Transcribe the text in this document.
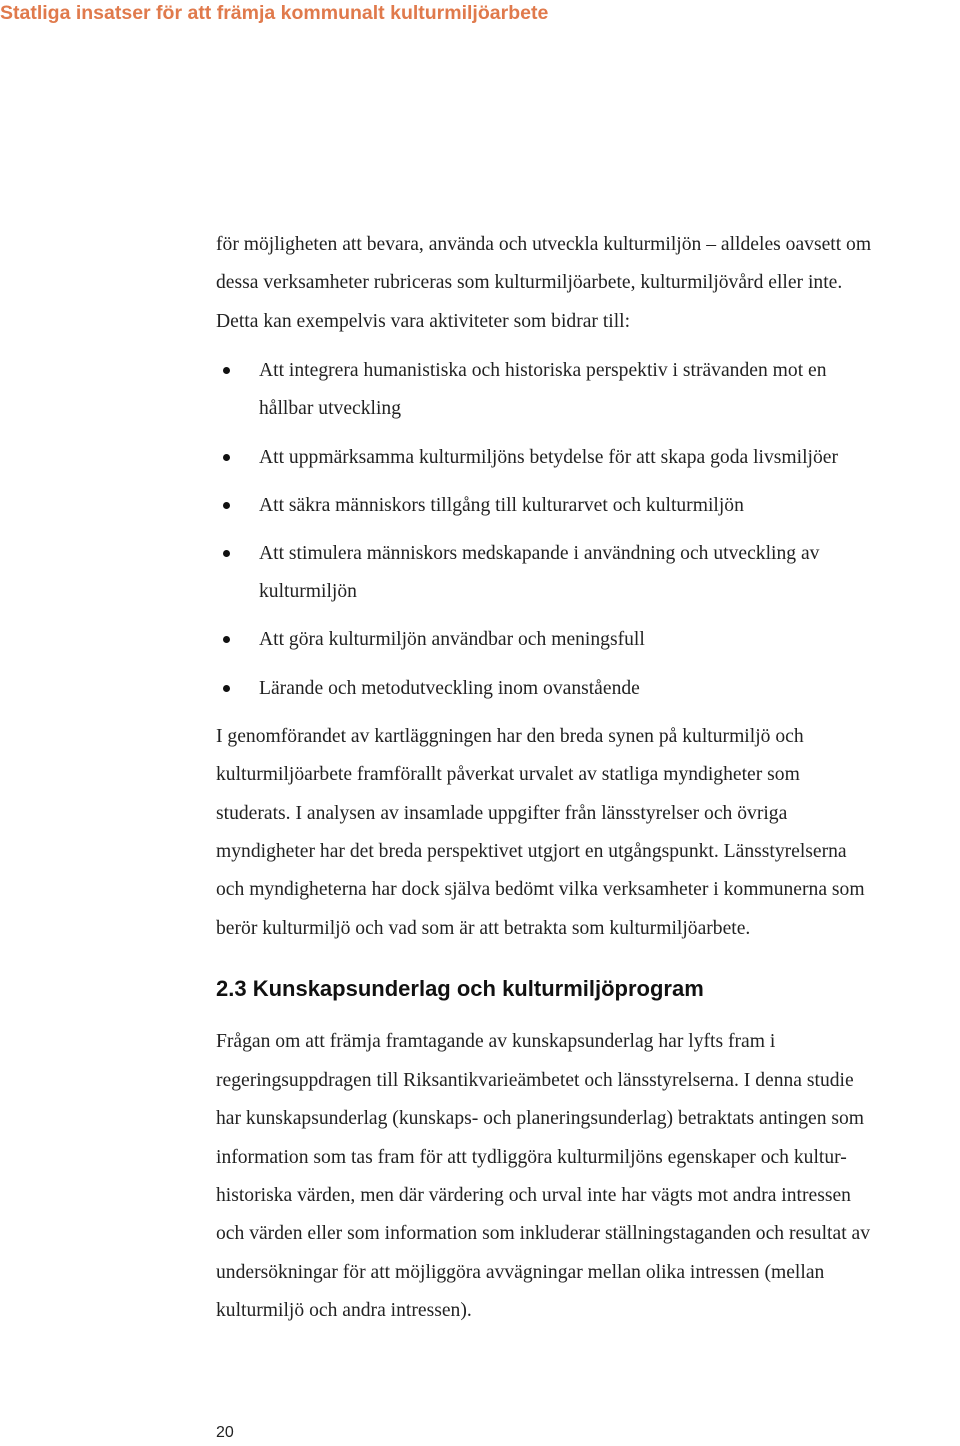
Statliga insatser för att främja kommunalt kulturmiljöarbete

för möjligheten att bevara, använda och utveckla kulturmiljön – alldeles oavsett om
dessa verksamheter rubriceras som kulturmiljöarbete, kulturmiljövård eller inte.
Detta kan exempelvis vara aktiviteter som bidrar till:

Att integrera humanistiska och historiska perspektiv i strävanden mot en
hållbar utveckling
Att uppmärksamma kulturmiljöns betydelse för att skapa goda livsmiljöer
Att säkra människors tillgång till kulturarvet och kulturmiljön
Att stimulera människors medskapande i användning och utveckling av
kulturmiljön
Att göra kulturmiljön användbar och meningsfull
Lärande och metodutveckling inom ovanstående

I genomförandet av kartläggningen har den breda synen på kulturmiljö och
kulturmiljöarbete framförallt påverkat urvalet av statliga myndigheter som
studerats. I analysen av insamlade uppgifter från länsstyrelser och övriga
myndigheter har det breda perspektivet utgjort en utgångspunkt. Länsstyrelserna
och myndigheterna har dock själva bedömt vilka verksamheter i kommunerna som
berör kulturmiljö och vad som är att betrakta som kulturmiljöarbete.

2.3 Kunskapsunderlag och kulturmiljöprogram

Frågan om att främja framtagande av kunskapsunderlag har lyfts fram i
regeringsuppdragen till Riksantikvarieämbetet och länsstyrelserna. I denna studie
har kunskapsunderlag (kunskaps- och planeringsunderlag) betraktats antingen som
information som tas fram för att tydliggöra kulturmiljöns egenskaper och kultur-
historiska värden, men där värdering och urval inte har vägts mot andra intressen
och värden eller som information som inkluderar ställningstaganden och resultat av
undersökningar för att möjliggöra avvägningar mellan olika intressen (mellan
kulturmiljö och andra intressen).

20
